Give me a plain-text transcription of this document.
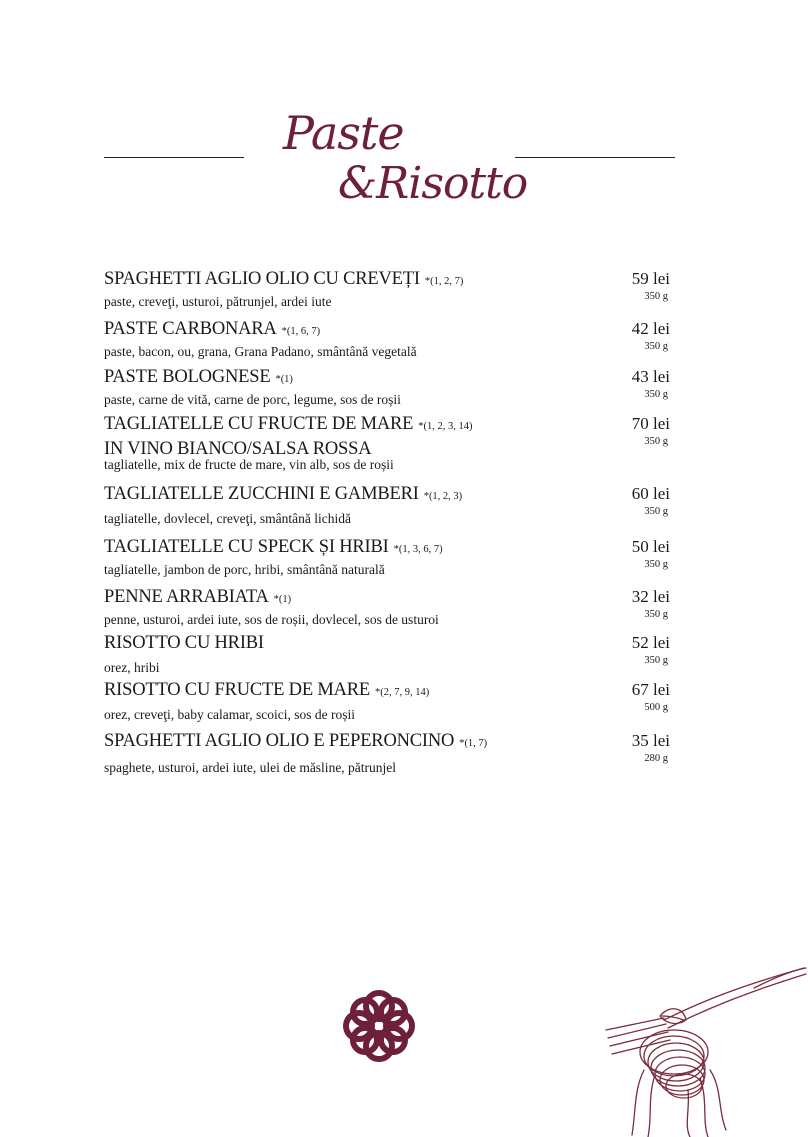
Paste
&Risotto
SPAGHETTI AGLIO OLIO CU CREVEȚI *(1, 2, 7)
paste, creveţi, usturoi, pătrunjel, ardei iute
59 lei
350 g
PASTE CARBONARA *(1, 6, 7)
paste, bacon, ou, grana, Grana Padano, smântână vegetală
42 lei
350 g
PASTE BOLOGNESE *(1)
paste, carne de vită, carne de porc, legume, sos de roșii
43 lei
350 g
TAGLIATELLE CU FRUCTE DE MARE *(1, 2, 3, 14)
IN VINO BIANCO/SALSA ROSSA
tagliatelle, mix de fructe de mare, vin alb, sos de roșii
70 lei
350 g
TAGLIATELLE ZUCCHINI E GAMBERI *(1, 2, 3)
tagliatelle, dovlecel, creveţi, smântână lichidă
60 lei
350 g
TAGLIATELLE CU SPECK ȘI HRIBI *(1, 3, 6, 7)
tagliatelle, jambon de porc, hribi, smântână naturală
50 lei
350 g
PENNE ARRABIATA *(1)
penne, usturoi, ardei iute, sos de roșii, dovlecel, sos de usturoi
32 lei
350 g
RISOTTO CU HRIBI
orez, hribi
52 lei
350 g
RISOTTO CU FRUCTE DE MARE *(2, 7, 9, 14)
orez, creveţi, baby calamar, scoici, sos de roșii
67 lei
500 g
SPAGHETTI AGLIO OLIO E PEPERONCINO *(1, 7)
spaghete, usturoi, ardei iute, ulei de măsline, pătrunjel
35 lei
280 g
